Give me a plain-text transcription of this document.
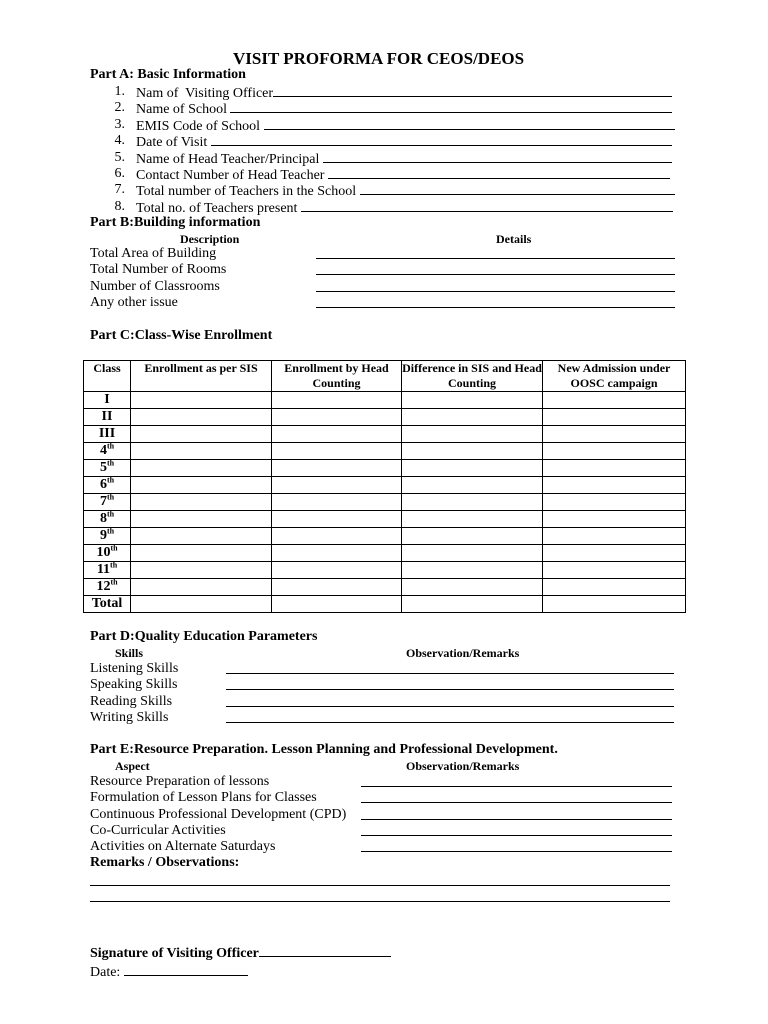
VISIT PROFORMA FOR CEOS/DEOS
Part A: Basic Information
1. Nam of  Visiting Officer
2. Name of School
3. EMIS Code of School
4. Date of Visit
5. Name of Head Teacher/Principal
6. Contact Number of Head Teacher
7. Total number of Teachers in the School
8. Total no. of Teachers present
Part B:Building information
Description	Details
Total Area of Building
Total Number of Rooms
Number of Classrooms
Any other issue
Part C:Class-Wise Enrollment
Class	Enrollment as per SIS	Enrollment by Head Counting	Difference in SIS and Head Counting	New Admission under OOSC campaign
I				
II				
III				
4th				
5th				
6th				
7th				
8th				
9th				
10th				
11th				
12th				
Total				
Part D:Quality Education Parameters
Skills	Observation/Remarks
Listening Skills
Speaking Skills
Reading Skills
Writing Skills
Part E:Resource Preparation. Lesson Planning and Professional Development.
Aspect	Observation/Remarks
Resource Preparation of lessons
Formulation of Lesson Plans for Classes
Continuous Professional Development (CPD)
Co-Curricular Activities
Activities on Alternate Saturdays
Remarks / Observations:
Signature of Visiting Officer
Date:
